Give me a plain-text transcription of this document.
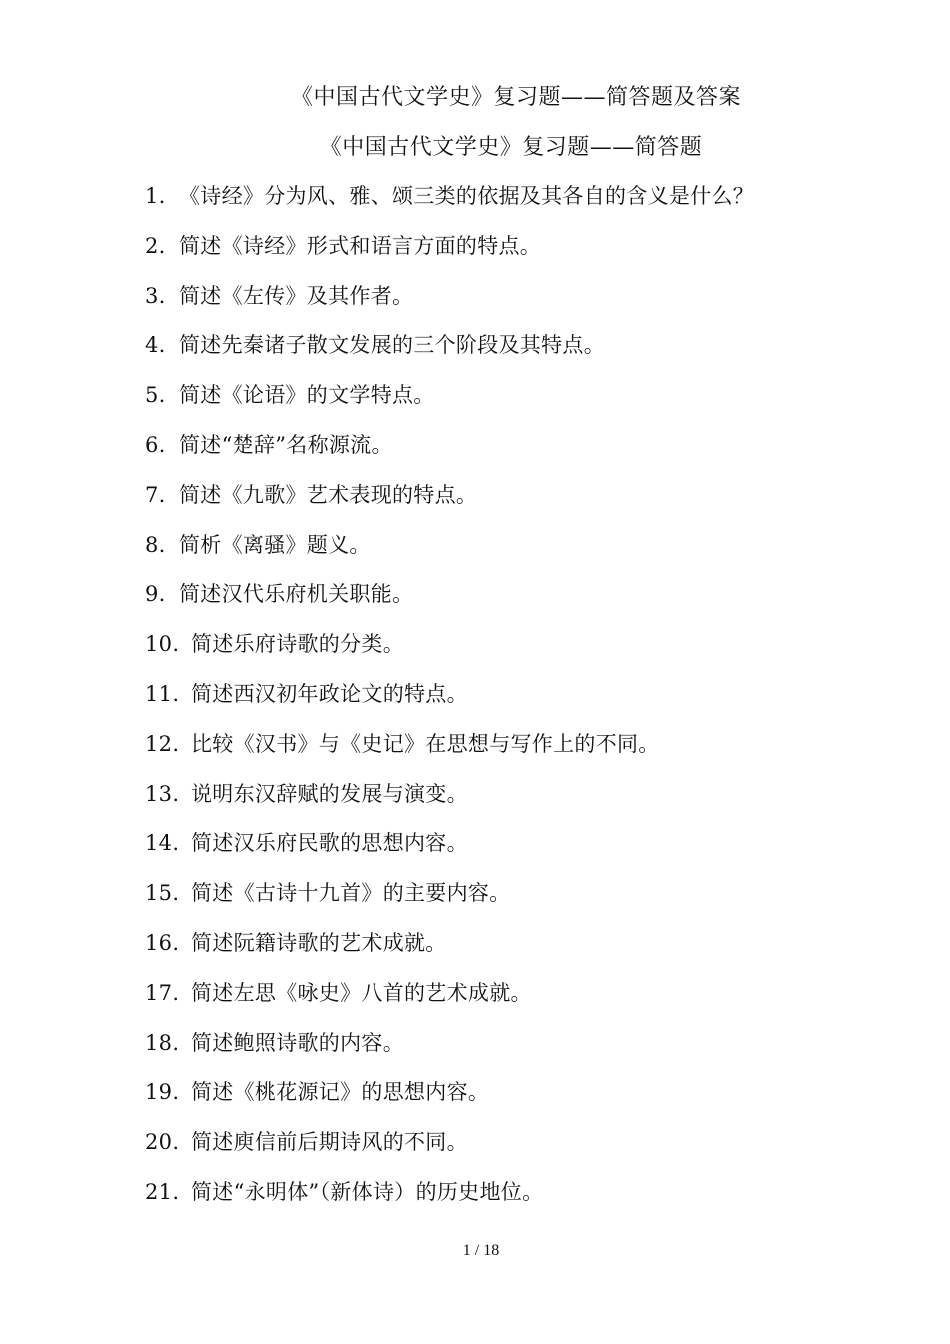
《中国古代文学史》复习题——简答题及答案
《中国古代文学史》复习题——简答题
1. 《诗经》分为风、雅、颂三类的依据及其各自的含义是什么？
2. 简述《诗经》形式和语言方面的特点。
3. 简述《左传》及其作者。
4. 简述先秦诸子散文发展的三个阶段及其特点。
5. 简述《论语》的文学特点。
6. 简述“楚辞”名称源流。
7. 简述《九歌》艺术表现的特点。
8. 简析《离骚》题义。
9. 简述汉代乐府机关职能。
10. 简述乐府诗歌的分类。
11. 简述西汉初年政论文的特点。
12. 比较《汉书》与《史记》在思想与写作上的不同。
13. 说明东汉辞赋的发展与演变。
14. 简述汉乐府民歌的思想内容。
15. 简述《古诗十九首》的主要内容。
16. 简述阮籍诗歌的艺术成就。
17. 简述左思《咏史》八首的艺术成就。
18. 简述鲍照诗歌的内容。
19. 简述《桃花源记》的思想内容。
20. 简述庾信前后期诗风的不同。
21. 简述“永明体”（新体诗）的历史地位。
1 / 18
